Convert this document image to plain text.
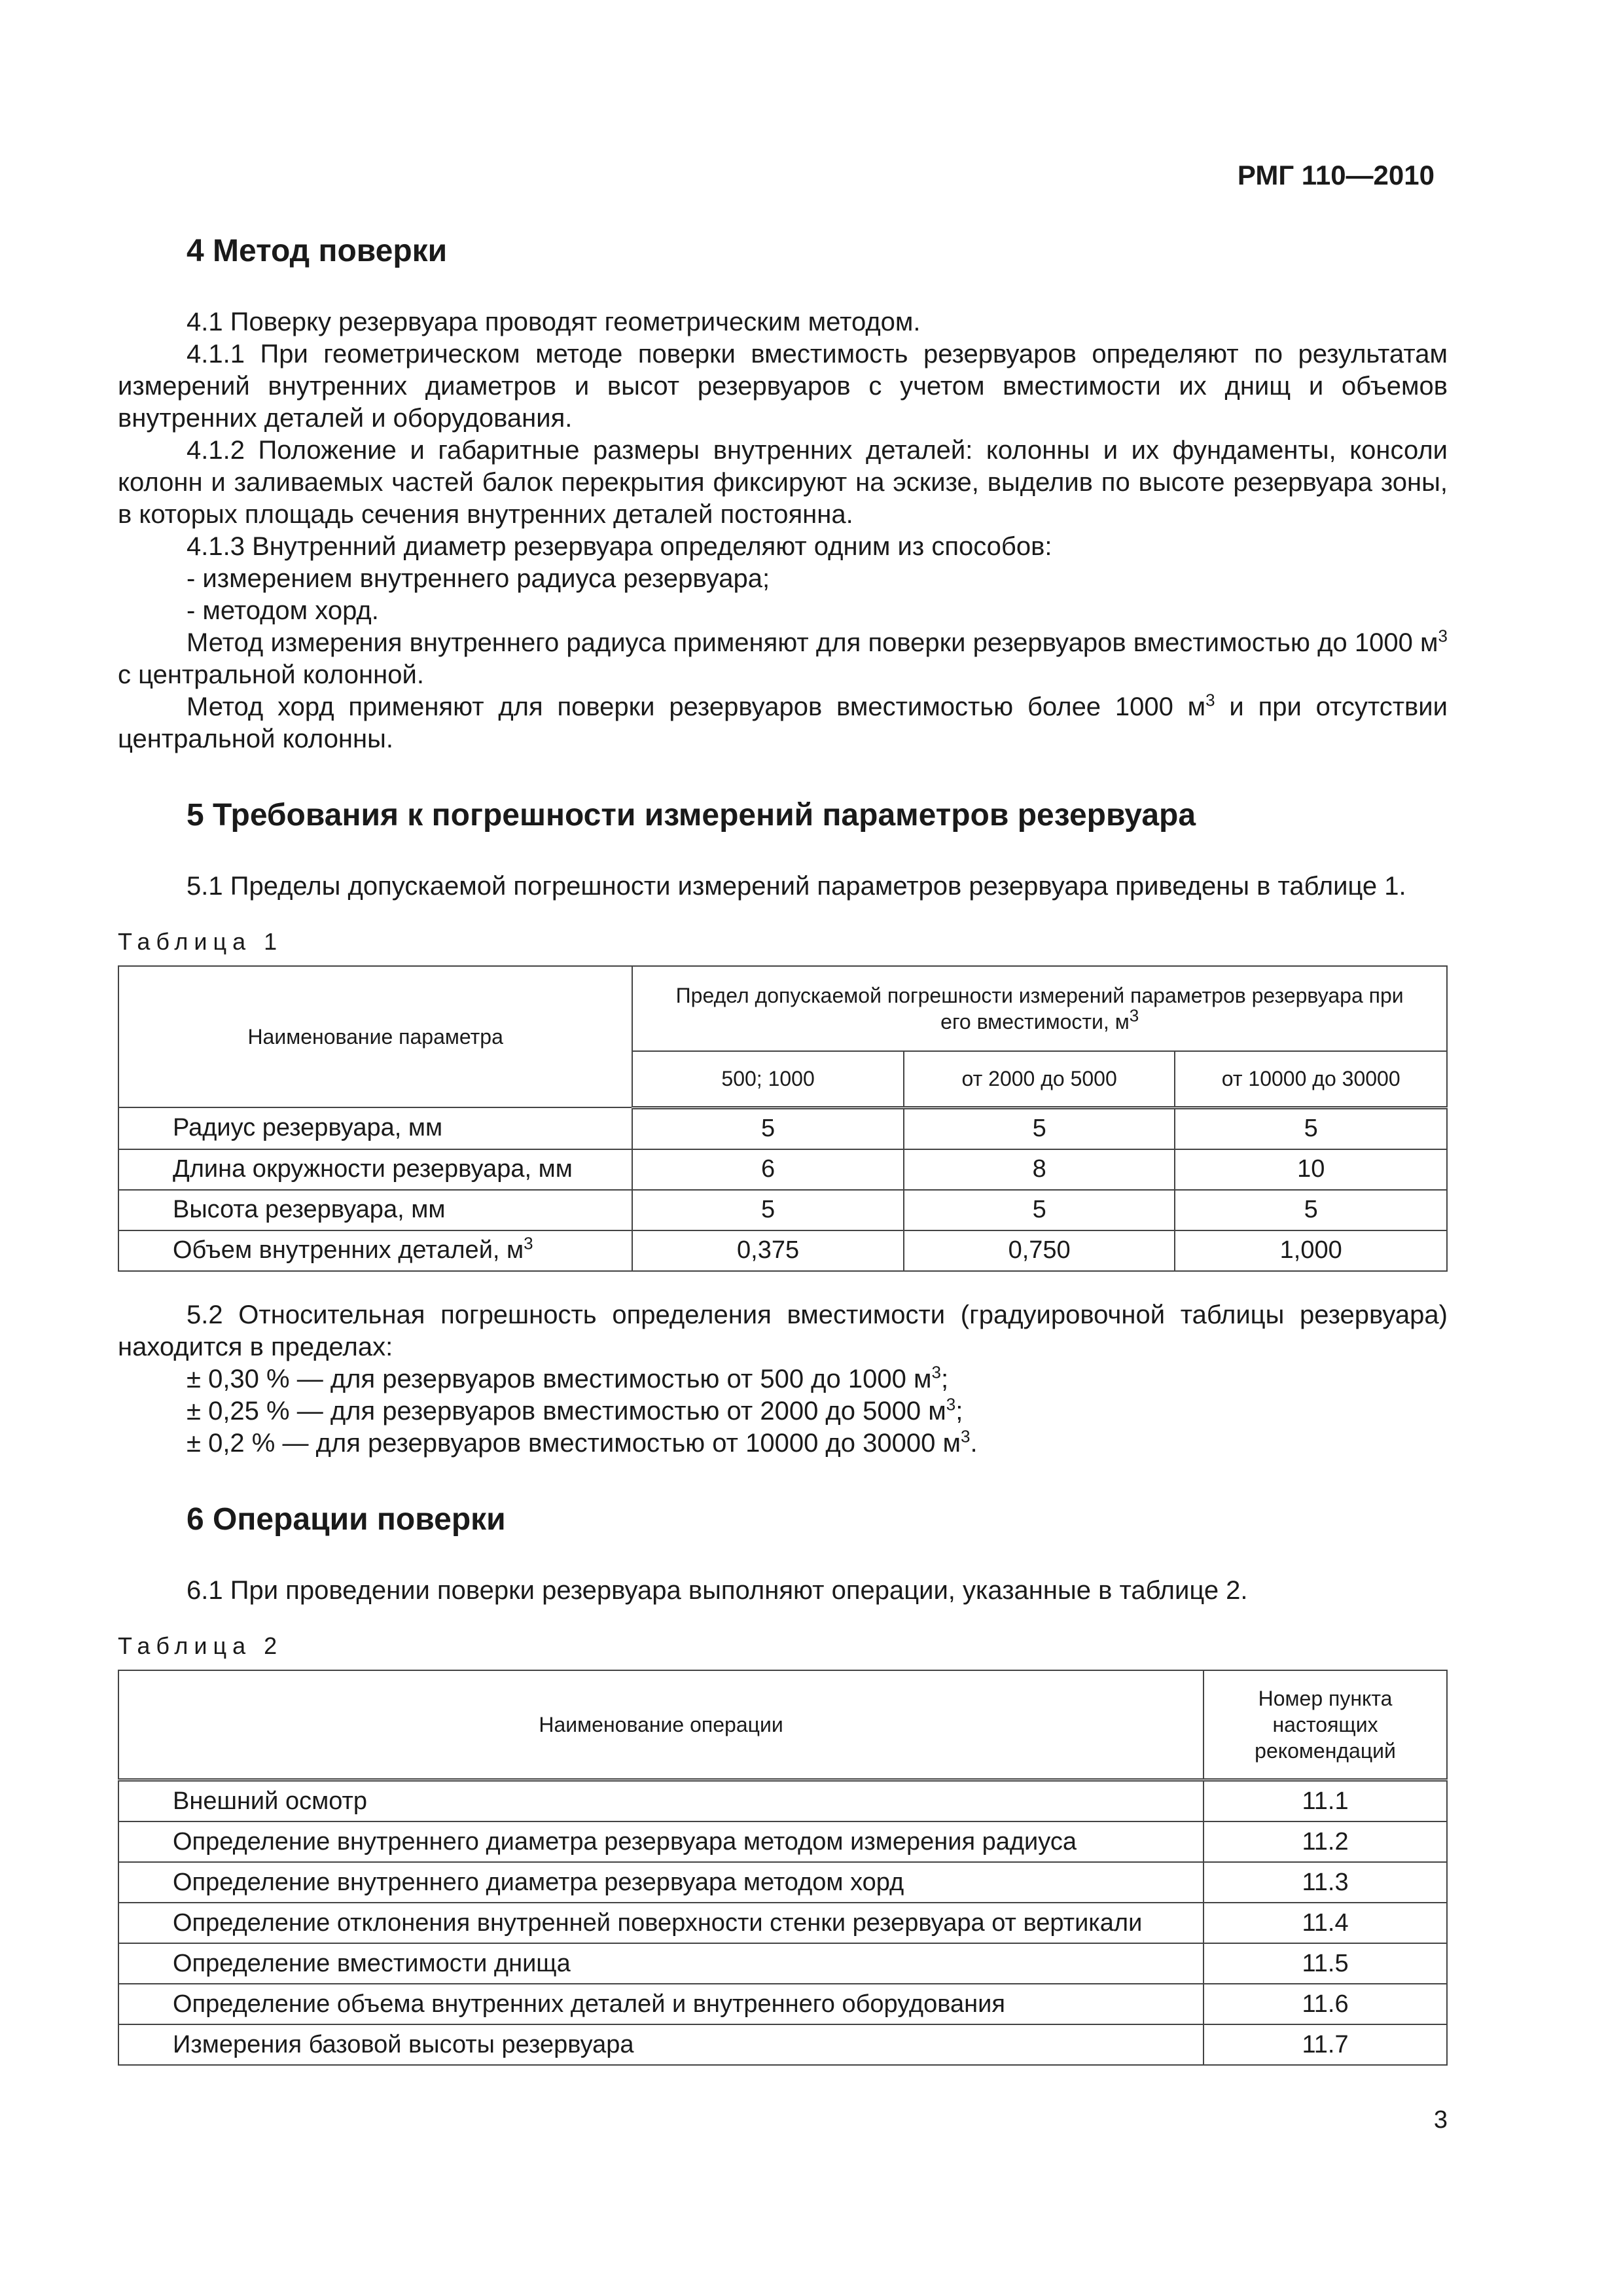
РМГ 110—2010
4 Метод поверки

4.1 Поверку резервуара проводят геометрическим методом.

4.1.1 При геометрическом методе поверки вместимость резервуаров определяют по результатам измерений внутренних диаметров и высот резервуаров с учетом вместимости их днищ и объемов внутренних деталей и оборудования.

4.1.2 Положение и габаритные размеры внутренних деталей: колонны и их фундаменты, консоли колонн и заливаемых частей балок перекрытия фиксируют на эскизе, выделив по высоте резервуара зоны, в которых площадь сечения внутренних деталей постоянна.

4.1.3 Внутренний диаметр резервуара определяют одним из способов:

- измерением внутреннего радиуса резервуара;

- методом хорд.

Метод измерения внутреннего радиуса применяют для поверки резервуаров вместимостью до 1000 $м^3$ с центральной колонной.

Метод хорд применяют для поверки резервуаров вместимостью более 1000 $м^3$ и при отсутствии центральной колонны.

5 Требования к погрешности измерений параметров резервуара

5.1 Пределы допускаемой погрешности измерений параметров резервуара приведены в таблице 1.

Таблица 1
Наименование параметра	Предел допускаемой погрешности измерений параметров резервуара при его вместимости, $м^3$
	500; 1000	от 2000 до 5000	от 10000 до 30000
Радиус резервуара, мм	5	5	5
Длина окружности резервуара, мм	6	8	10
Высота резервуара, мм	5	5	5
Объем внутренних деталей, $м^3$	0,375	0,750	1,000

5.2 Относительная погрешность определения вместимости (градуировочной таблицы резервуара) находится в пределах:

± 0,30 % — для резервуаров вместимостью от 500 до 1000 $м^3$;

± 0,25 % — для резервуаров вместимостью от 2000 до 5000 $м^3$;

± 0,2 % — для резервуаров вместимостью от 10000 до 30000 $м^3$.

6 Операции поверки

6.1 При проведении поверки резервуара выполняют операции, указанные в таблице 2.

Таблица 2
Наименование операции	Номер пункта настоящих рекомендаций
Внешний осмотр	11.1
Определение внутреннего диаметра резервуара методом измерения радиуса	11.2
Определение внутреннего диаметра резервуара методом хорд	11.3
Определение отклонения внутренней поверхности стенки резервуара от вертикали	11.4
Определение вместимости днища	11.5
Определение объема внутренних деталей и внутреннего оборудования	11.6
Измерения базовой высоты резервуара	11.7
3
